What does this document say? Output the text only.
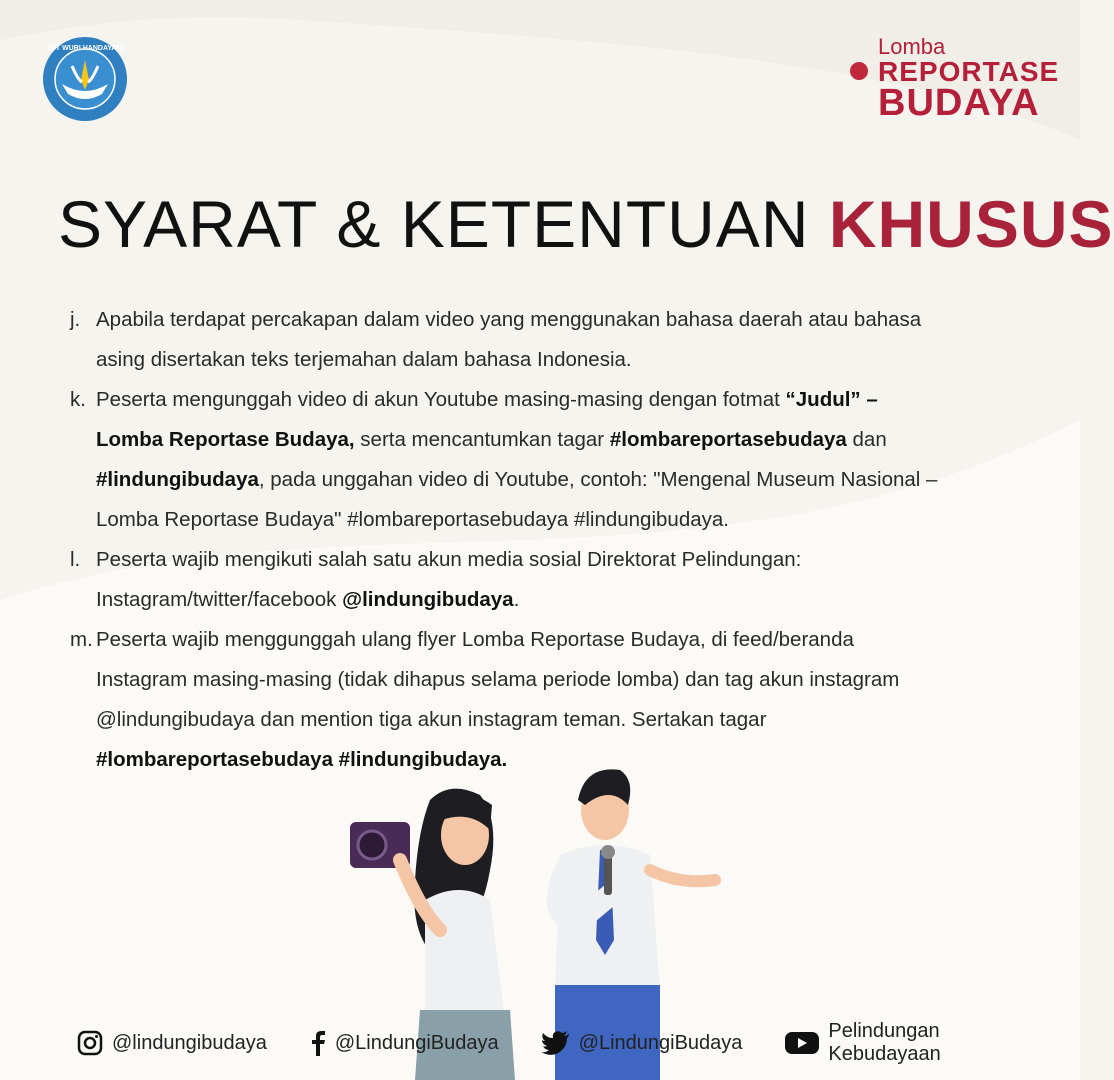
TUT WURI HANDAYANI	Lomba
REPORTASE
BUDAYA
SYARAT & KETENTUAN KHUSUS
j. Apabila terdapat percakapan dalam video yang menggunakan bahasa daerah atau bahasa
asing disertakan teks terjemahan dalam bahasa Indonesia.
k. Peserta mengunggah video di akun Youtube masing-masing dengan fotmat “Judul” –
Lomba Reportase Budaya, serta mencantumkan tagar #lombareportasebudaya dan
#lindungibudaya, pada unggahan video di Youtube, contoh: "Mengenal Museum Nasional –
Lomba Reportase Budaya" #lombareportasebudaya #lindungibudaya.
l. Peserta wajib mengikuti salah satu akun media sosial Direktorat Pelindungan:
Instagram/twitter/facebook @lindungibudaya.
m. Peserta wajib menggunggah ulang flyer Lomba Reportase Budaya, di feed/beranda
Instagram masing-masing (tidak dihapus selama periode lomba) dan tag akun instagram
@lindungibudaya dan mention tiga akun instagram teman. Sertakan tagar
#lombareportasebudaya #lindungibudaya.
@lindungibudaya	@LindungiBudaya	@LindungiBudaya
Pelindungan Kebudayaan
